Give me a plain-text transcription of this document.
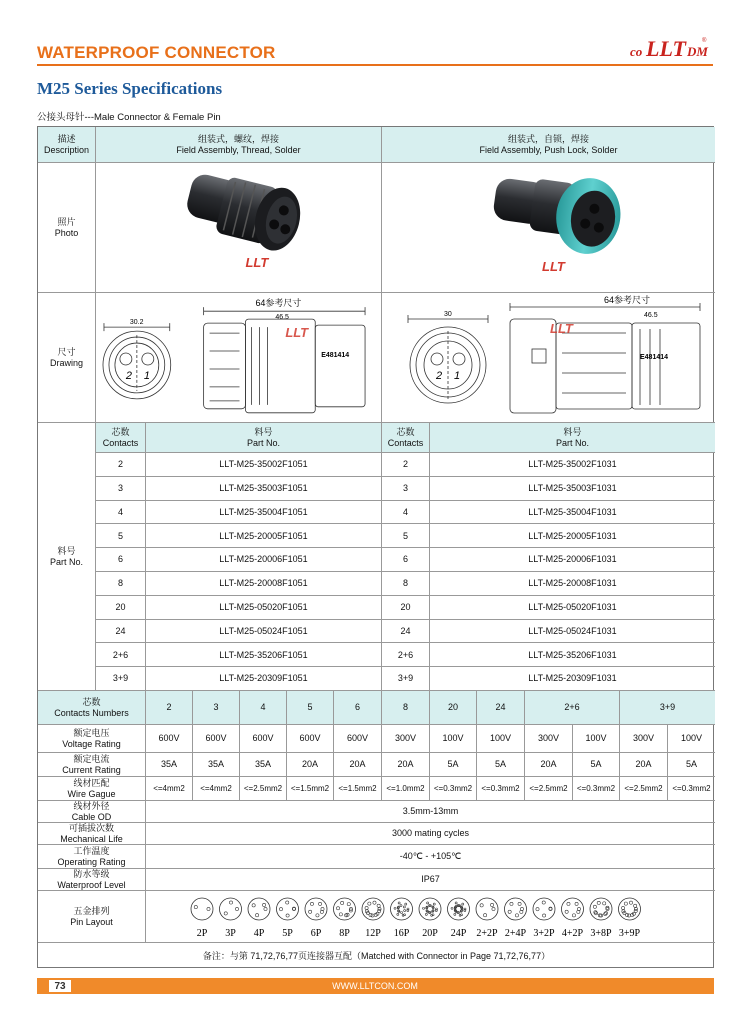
WATERPROOF CONNECTOR	co LLT DM
®
M25 Series Specifications
公接头母针---Male Connector & Female Pin
描述
Description
组装式，螺纹，焊接
Field Assembly, Thread, Solder
组装式，自锁，焊接
Field Assembly, Push Lock, Solder
照片
Photo
LLT	LLT
尺寸
Drawing
30.2
2 1
64参考尺寸
46.5
E481414
LLT
30
2 1
64参考尺寸
46.5
E481414
LLT
料号
Part No.
芯数
Contacts
料号
Part No.
芯数
Contacts
料号
Part No.
2	LLT-M25-35002F1051	2	LLT-M25-35002F1031
3	LLT-M25-35003F1051	3	LLT-M25-35003F1031
4	LLT-M25-35004F1051	4	LLT-M25-35004F1031
5	LLT-M25-20005F1051	5	LLT-M25-20005F1031
6	LLT-M25-20006F1051	6	LLT-M25-20006F1031
8	LLT-M25-20008F1051	8	LLT-M25-20008F1031
20	LLT-M25-05020F1051	20	LLT-M25-05020F1031
24	LLT-M25-05024F1051	24	LLT-M25-05024F1031
2+6	LLT-M25-35206F1051	2+6	LLT-M25-35206F1031
3+9	LLT-M25-20309F1051	3+9	LLT-M25-20309F1031
芯数
Contacts Numbers
2	3	4	5	6	8	20	24	2+6	3+9
额定电压
Voltage Rating
600V	600V	600V	600V	600V	300V	100V	100V	300V	100V	300V	100V
额定电流
Current Rating
35A	35A	35A	20A	20A	20A	5A	5A	20A	5A	20A	5A
线材匹配
Wire Gague
<=4mm2	<=4mm2	<=2.5mm2	<=1.5mm2	<=1.5mm2	<=1.0mm2	<=0.3mm2	<=0.3mm2	<=2.5mm2	<=0.3mm2	<=2.5mm2	<=0.3mm2
线材外径
Cable OD
3.5mm-13mm
可插拔次数
Mechanical Life
3000 mating cycles
工作温度
Operating Rating
-40℃ - +105℃
防水等级
Waterproof Level
IP67
五金排列
Pin Layout
2P 3P 4P 5P 6P 8P 12P 16P 20P 24P 2+2P 2+4P 3+2P 4+2P 3+8P 3+9P
备注：与第 71,72,76,77页连接器互配（Matched with Connector in Page 71,72,76,77）
73	WWW.LLTCON.COM
